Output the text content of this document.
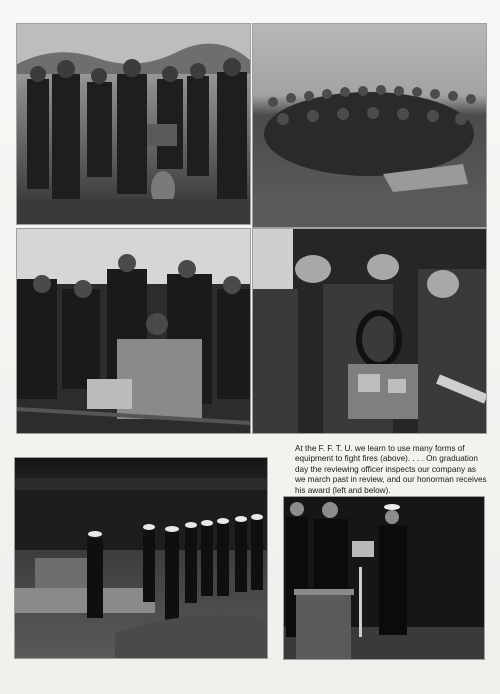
At the F. F. T. U. we learn to use many forms of equipment to fight fires (above). . . . On graduation day the reviewing officer inspects our company as we march past in review, and our honorman receives his award (left and below).
